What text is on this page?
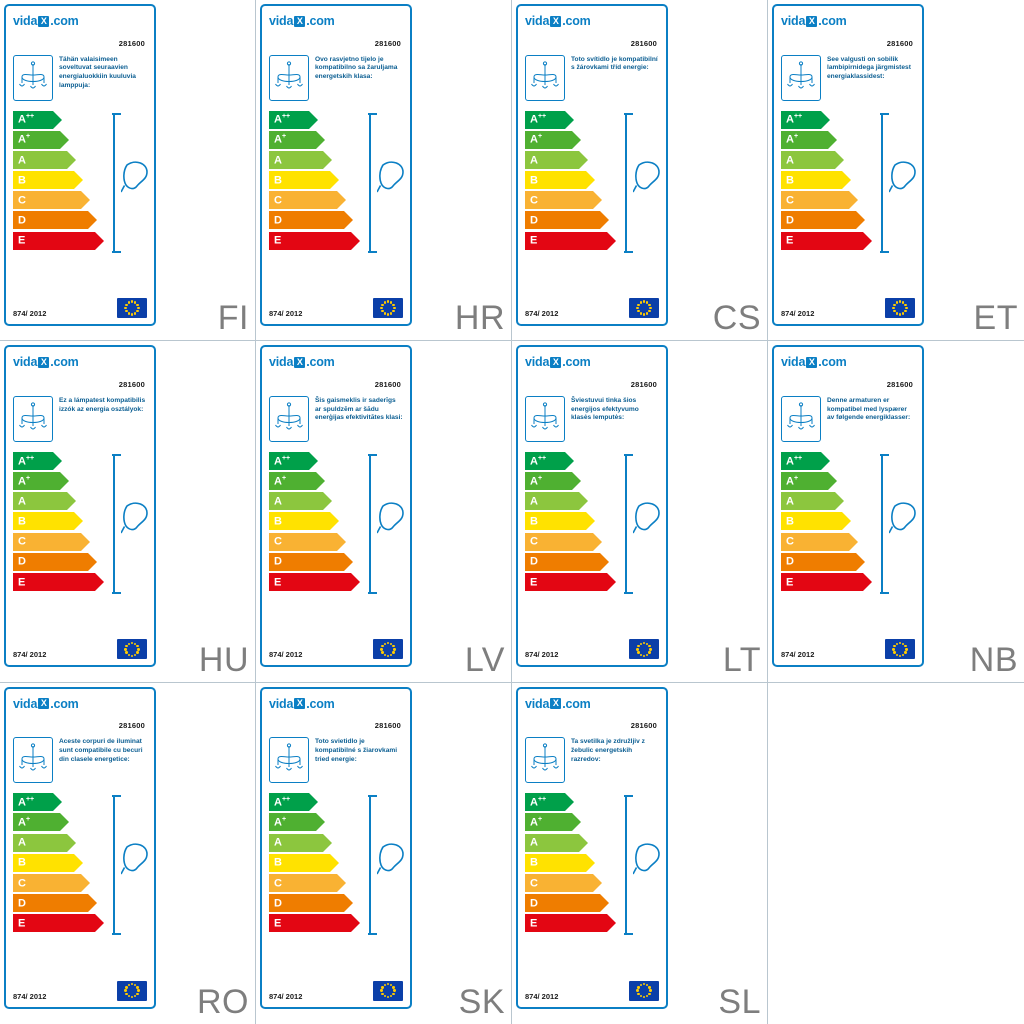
vida X .com
281600
Tähän valaisimeen soveltuvat seuraavien energialuokkiin kuuluvia lamppuja:
A++
A+
A
B
C
D
E
874/ 2012	FI
vida X .com
281600
Ovo rasvjetno tijelo je kompatibilno sa žaruljama energetskih klasa:
A++
A+
A
B
C
D
E
874/ 2012	HR
vida X .com
281600
Toto svítidlo je kompatibilní s žárovkami tříd energie:
A++
A+
A
B
C
D
E
874/ 2012	CS
vida X .com
281600
See valgusti on sobilik lambipirnidega järgmistest energiaklassidest:
A++
A+
A
B
C
D
E
874/ 2012	ET
vida X .com
281600
Ez a lámpatest kompatibilis izzók az energia osztályok:
A++
A+
A
B
C
D
E
874/ 2012	HU
vida X .com
281600
Šis gaismeklis ir saderīgs ar spuldzēm ar šādu enerģijas efektivitātes klasi:
A++
A+
A
B
C
D
E
874/ 2012	LV
vida X .com
281600
Šviestuvui tinka šios energijos efektyvumo klasės lemputės:
A++
A+
A
B
C
D
E
874/ 2012	LT
vida X .com
281600
Denne armaturen er kompatibel med lyspærer av følgende energiklasser:
A++
A+
A
B
C
D
E
874/ 2012	NB
vida X .com
281600
Aceste corpuri de iluminat sunt compatibile cu becuri din clasele energetice:
A++
A+
A
B
C
D
E
874/ 2012	RO
vida X .com
281600
Toto svietidlo je kompatibilné s žiarovkami tried energie:
A++
A+
A
B
C
D
E
874/ 2012	SK
vida X .com
281600
Ta svetilka je združljiv z žebulic energetskih razredov:
A++
A+
A
B
C
D
E
874/ 2012	SL
